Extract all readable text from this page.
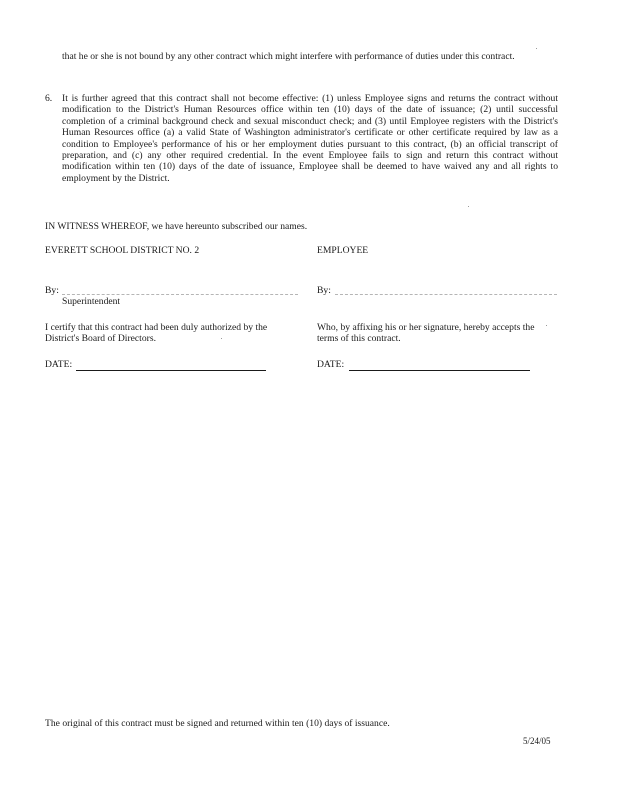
that he or she is not bound by any other contract which might interfere with performance of duties under this contract.
6. It is further agreed that this contract shall not become effective: (1) unless Employee signs and returns the contract without modification to the District's Human Resources office within ten (10) days of the date of issuance; (2) until successful completion of a criminal background check and sexual misconduct check; and (3) until Employee registers with the District's Human Resources office (a) a valid State of Washington administrator's certificate or other certificate required by law as a condition to Employee's performance of his or her employment duties pursuant to this contract, (b) an official transcript of preparation, and (c) any other required credential. In the event Employee fails to sign and return this contract without modification within ten (10) days of the date of issuance, Employee shall be deemed to have waived any and all rights to employment by the District.
IN WITNESS WHEREOF, we have hereunto subscribed our names.
EVERETT SCHOOL DISTRICT NO. 2
By:
Superintendent
I certify that this contract had been duly authorized by the District's Board of Directors.
DATE:
EMPLOYEE
By:
Who, by affixing his or her signature, hereby accepts the terms of this contract.
DATE:
The original of this contract must be signed and returned within ten (10) days of issuance.
5/24/05
